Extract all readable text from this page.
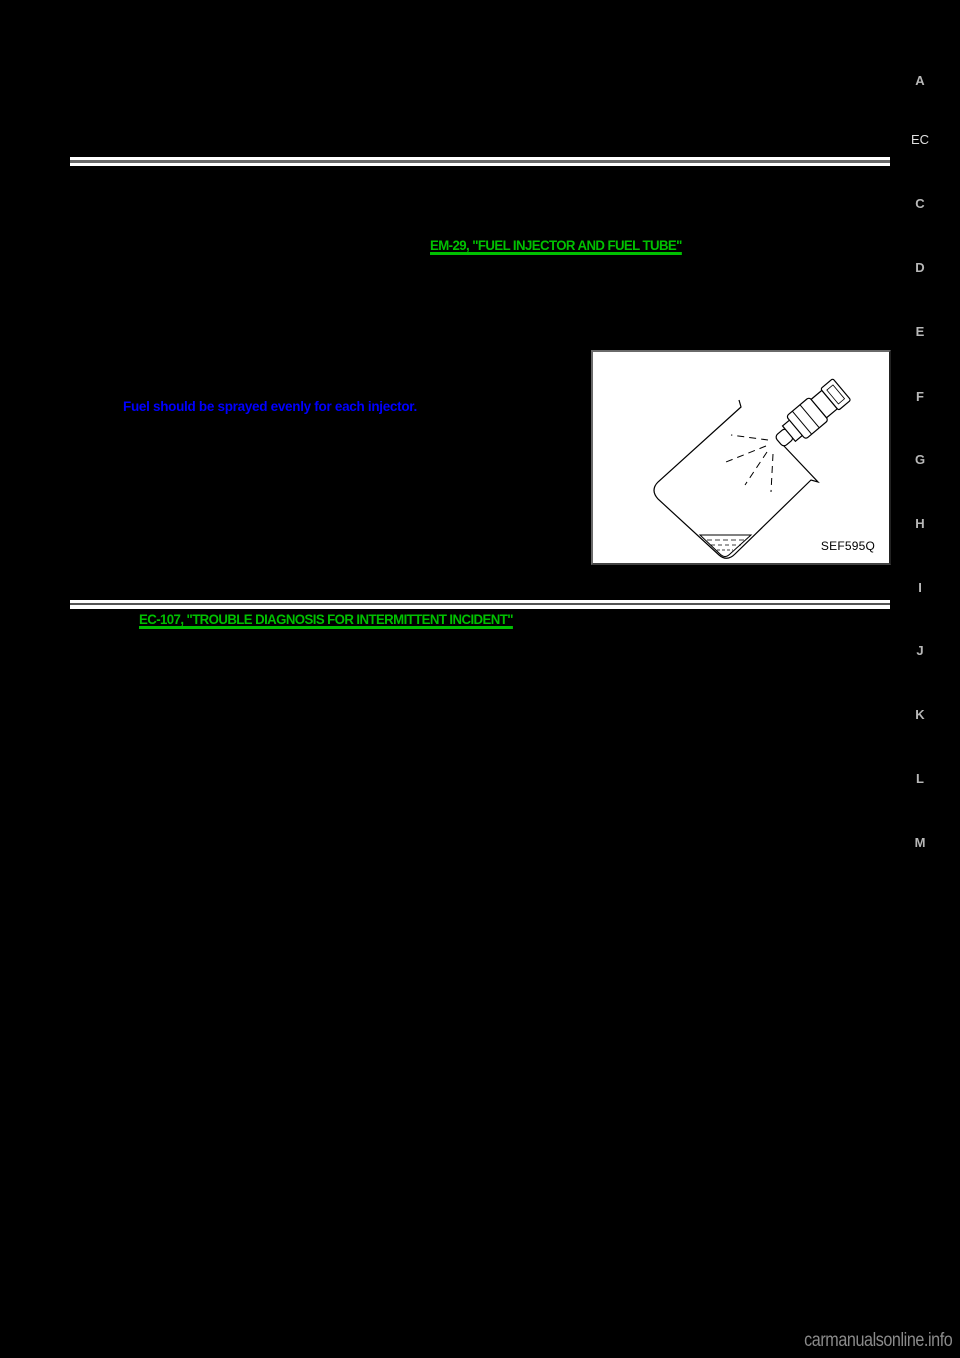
EM-29, "FUEL INJECTOR AND FUEL TUBE"
Fuel should be sprayed evenly for each injector.
SEF595Q
EC-107, "TROUBLE DIAGNOSIS FOR INTERMITTENT INCIDENT"
A
EC
C
D
E
F
G
H
I
J
K
L
M
carmanualsonline.info
